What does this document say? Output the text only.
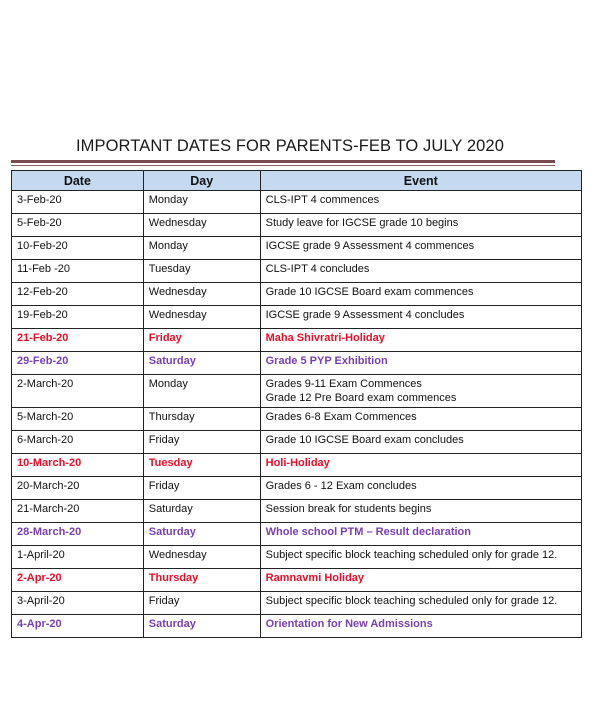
IMPORTANT DATES FOR PARENTS-FEB TO JULY 2020
Date	Day	Event
3-Feb-20	Monday	CLS-IPT 4 commences

5-Feb-20	Wednesday	Study leave for IGCSE grade 10 begins

10-Feb-20	Monday	IGCSE grade 9 Assessment 4 commences

11-Feb -20	Tuesday	CLS-IPT 4 concludes

12-Feb-20	Wednesday	Grade 10 IGCSE Board exam commences

19-Feb-20	Wednesday	IGCSE grade 9 Assessment 4 concludes

21-Feb-20	Friday	Maha Shivratri-Holiday

29-Feb-20	Saturday	Grade 5 PYP Exhibition

2-March-20	Monday	Grades 9-11 Exam Commences
Grade 12 Pre Board exam commences

5-March-20	Thursday	Grades 6-8 Exam Commences

6-March-20	Friday	Grade 10 IGCSE Board exam concludes

10-March-20	Tuesday	Holi-Holiday

20-March-20	Friday	Grades 6 - 12 Exam concludes

21-March-20	Saturday	Session break for students begins

28-March-20	Saturday	Whole school PTM – Result declaration

1-April-20	Wednesday	Subject specific block teaching scheduled only for grade 12.

2-Apr-20	Thursday	Ramnavmi Holiday

3-April-20	Friday	Subject specific block teaching scheduled only for grade 12.

4-Apr-20	Saturday	Orientation for New Admissions
